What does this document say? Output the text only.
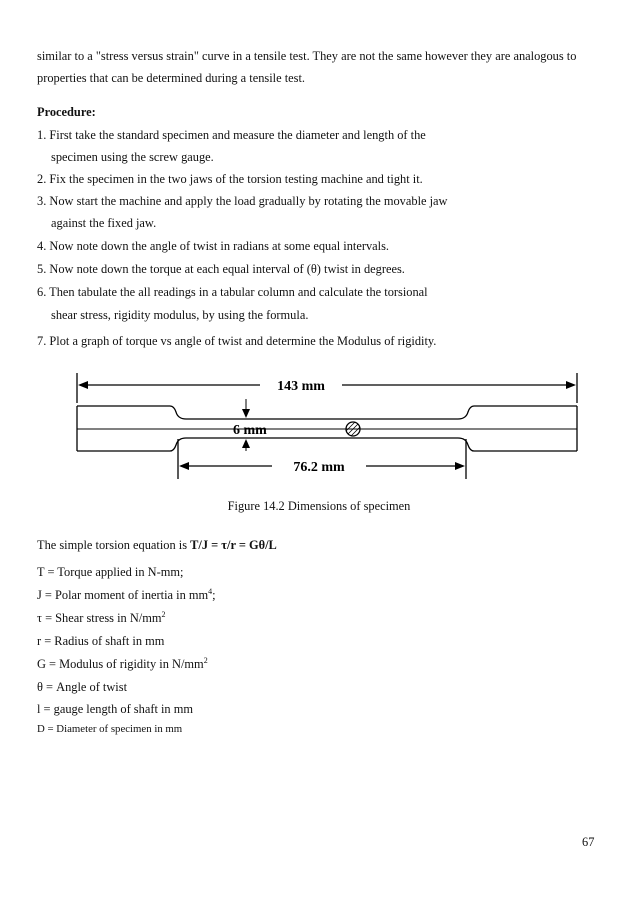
similar to a "stress versus strain" curve in a tensile test. They are not the same however they are analogous to
properties that can be determined during a tensile test.
Procedure:
1. First take the standard specimen and measure the diameter and length of the
specimen using the screw gauge.
2. Fix the specimen in the two jaws of the torsion testing machine and tight it.
3. Now start the machine and apply the load gradually by rotating the movable jaw
against the fixed jaw.
4. Now note down the angle of twist in radians at some equal intervals.
5. Now note down the torque at each equal interval of (θ) twist in degrees.
6. Then tabulate the all readings in a tabular column and calculate the torsional
shear stress, rigidity modulus, by using the formula.
7. Plot a graph of torque vs angle of twist and determine the Modulus of rigidity.
143 mm
6 mm
76.2 mm
Figure 14.2 Dimensions of specimen
The simple torsion equation is T/J = τ/r = Gθ/L
T = Torque applied in N-mm;
J = Polar moment of inertia in $mm^4$;
τ = Shear stress in $N/mm^2$
r = Radius of shaft in mm
G = Modulus of rigidity in $N/mm^2$
θ = Angle of twist
l = gauge length of shaft in mm
D = Diameter of specimen in mm
67
